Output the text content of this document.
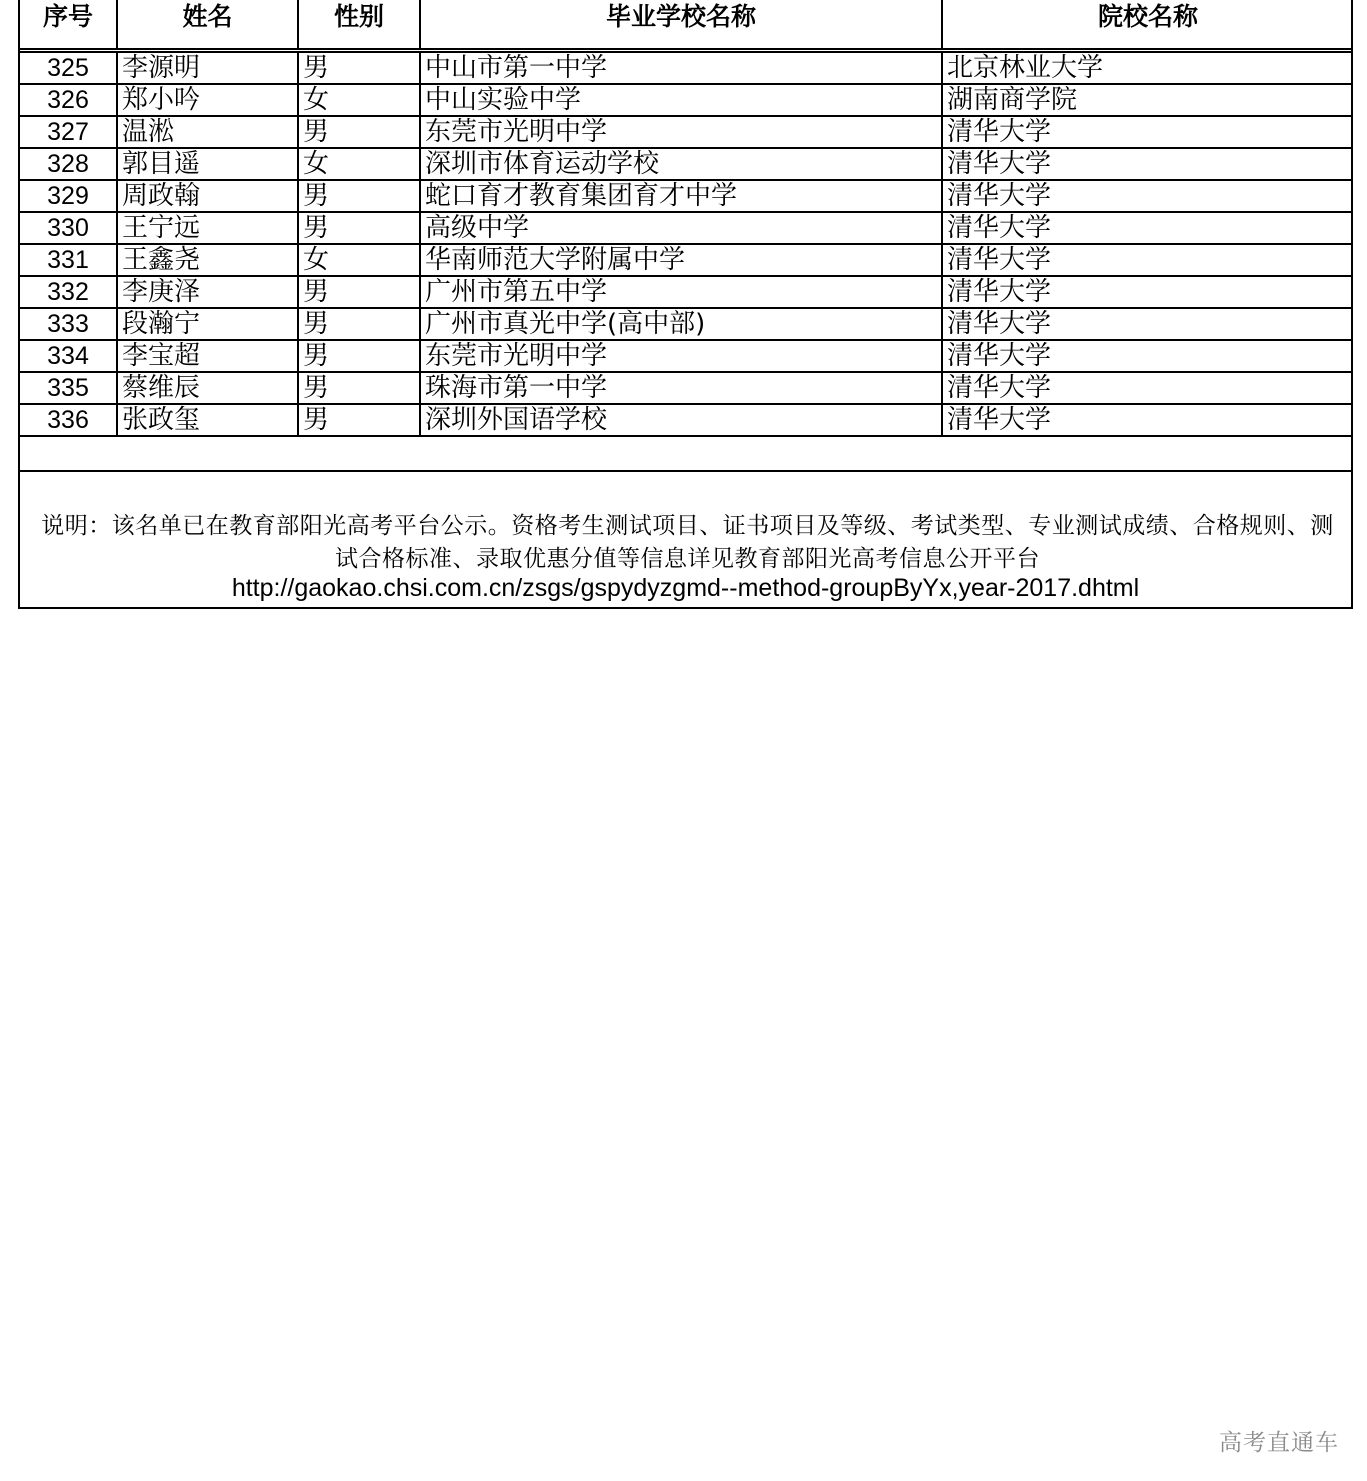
序号	姓名	性别	毕业学校名称	院校名称
325	李源明	男	中山市第一中学	北京林业大学
326	郑小吟	女	中山实验中学	湖南商学院
327	温淞	男	东莞市光明中学	清华大学
328	郭目遥	女	深圳市体育运动学校	清华大学
329	周政翰	男	蛇口育才教育集团育才中学	清华大学
330	王宁远	男	高级中学	清华大学
331	王鑫尧	女	华南师范大学附属中学	清华大学
332	李庚泽	男	广州市第五中学	清华大学
333	段瀚宁	男	广州市真光中学(高中部)	清华大学
334	李宝超	男	东莞市光明中学	清华大学
335	蔡维辰	男	珠海市第一中学	清华大学
336	张政玺	男	深圳外国语学校	清华大学
说明：该名单已在教育部阳光高考平台公示。资格考生测试项目、证书项目及等级、考试类型、专业测试成绩、合格规则、测试合格标准、录取优惠分值等信息详见教育部阳光高考信息公开平台
http://gaokao.chsi.com.cn/zsgs/gspydyzgmd--method-groupByYx,year-2017.dhtml
高考直通车
